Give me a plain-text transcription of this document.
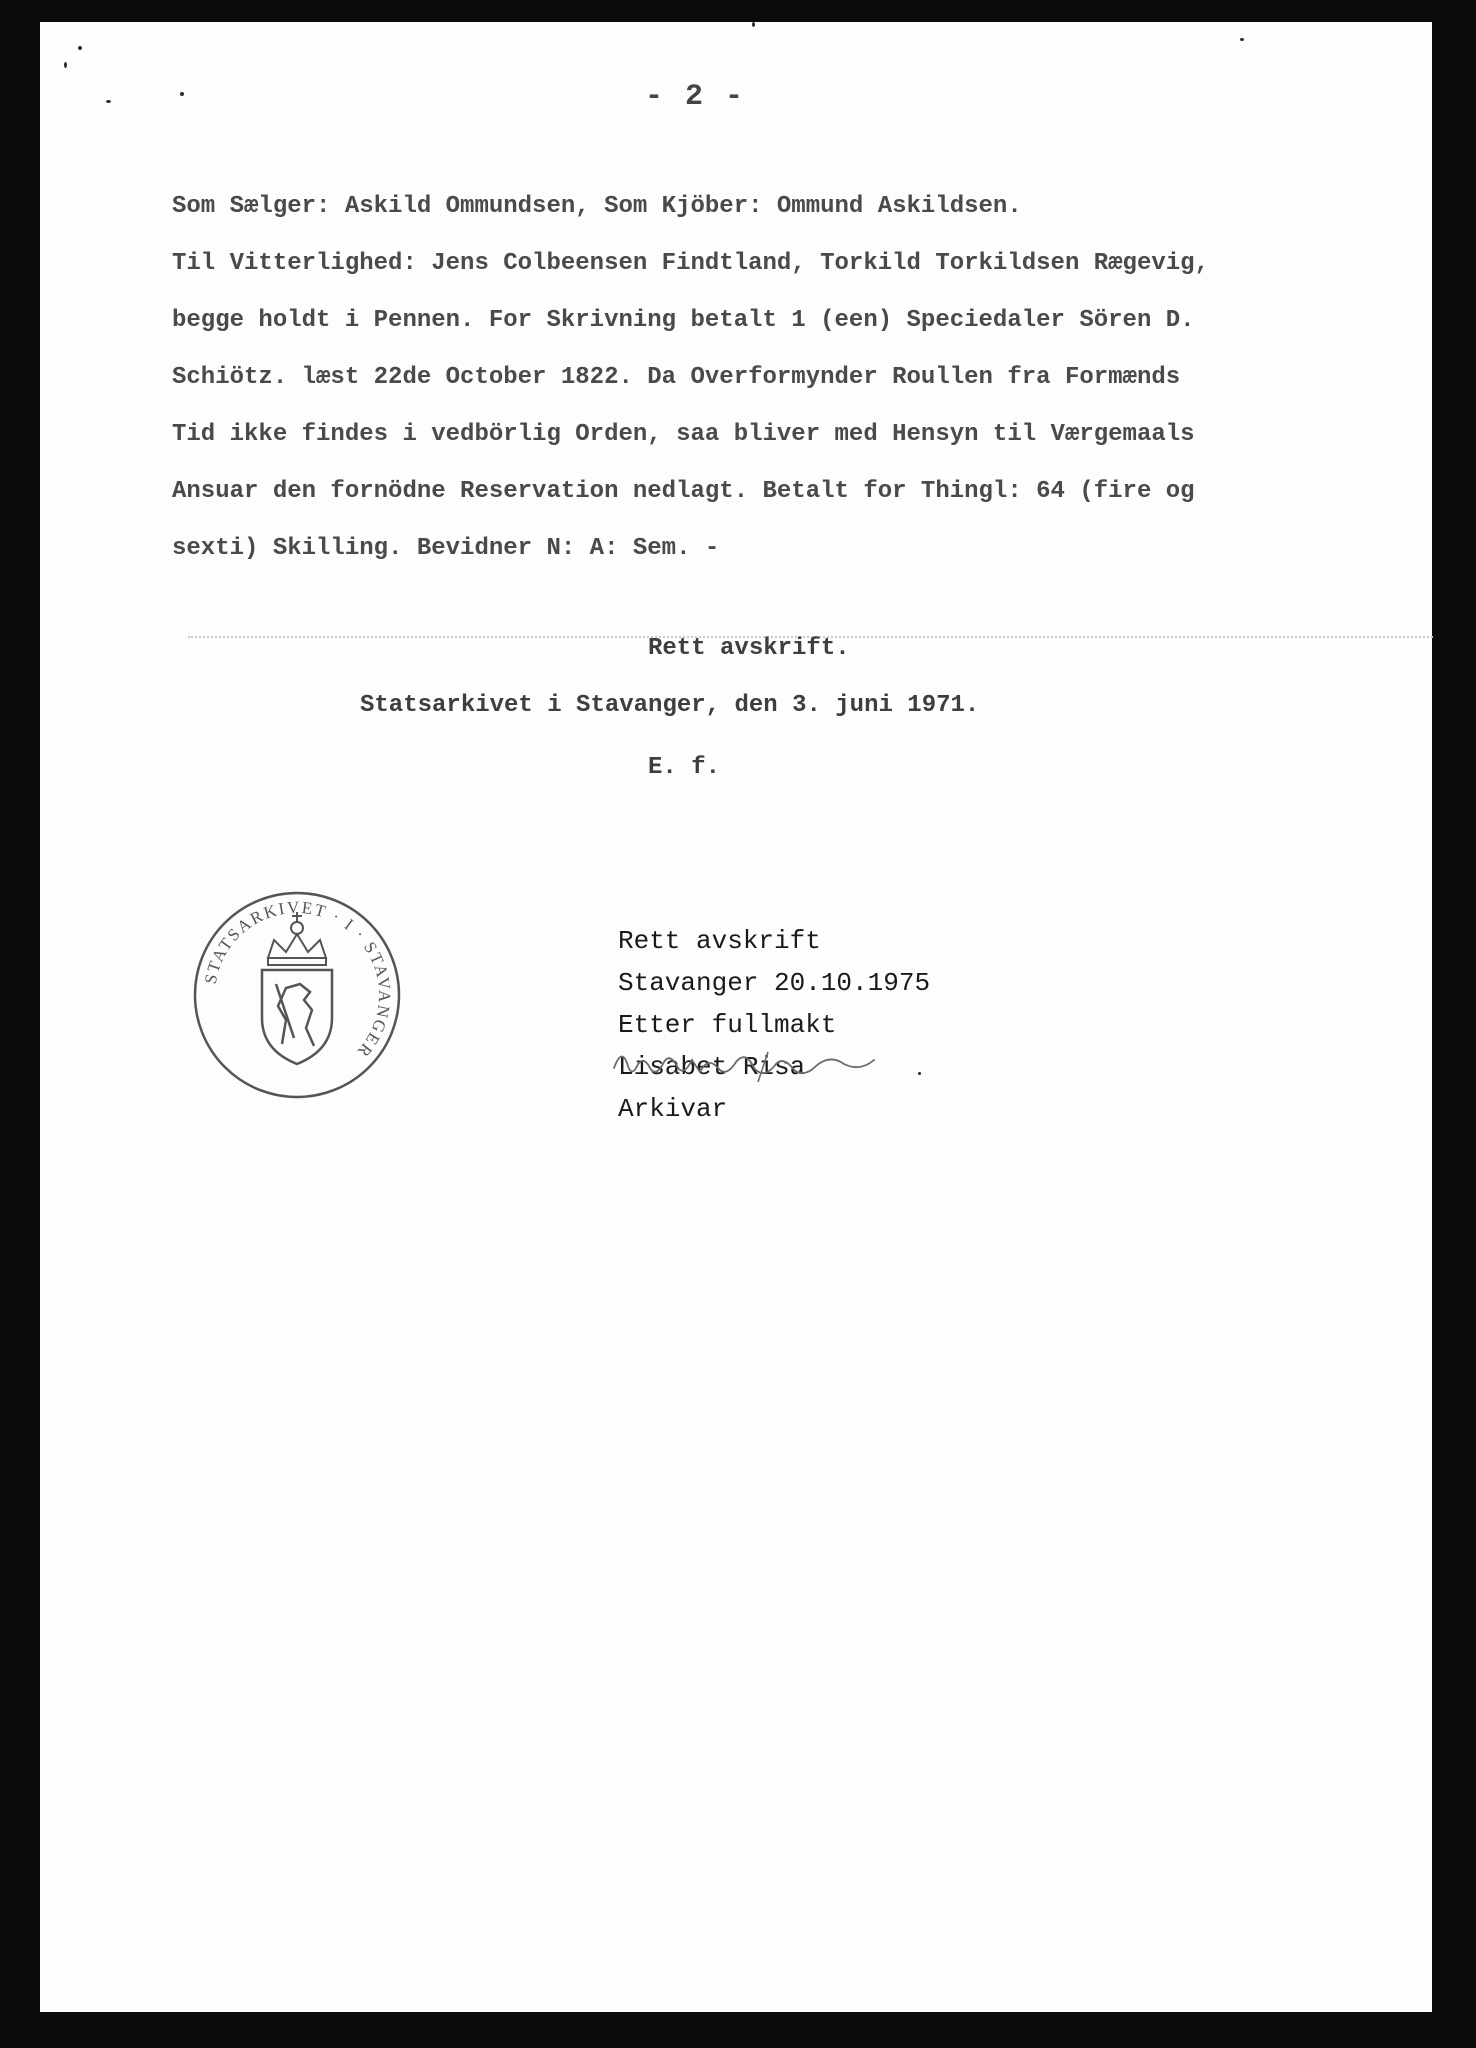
- 2 -
Som Sælger: Askild Ommundsen, Som Kjöber: Ommund Askildsen.
Til Vitterlighed: Jens Colbeensen Findtland, Torkild Torkildsen Rægevig,
begge holdt i Pennen. For Skrivning betalt 1 (een) Speciedaler Sören D.
Schiötz. læst 22de October 1822. Da Overformynder Roullen fra Formænds
Tid ikke findes i vedbörlig Orden, saa bliver med Hensyn til Værgemaals
Ansuar den fornödne Reservation nedlagt. Betalt for Thingl: 64 (fire og
sexti) Skilling. Bevidner N: A: Sem. -
Rett avskrift.
Statsarkivet i Stavanger, den 3. juni 1971.
E. f.
STATSARKIVET · I · STAVANGER
Rett avskrift
Stavanger 20.10.1975
Etter fullmakt
Lisabet Risa
Arkivar
